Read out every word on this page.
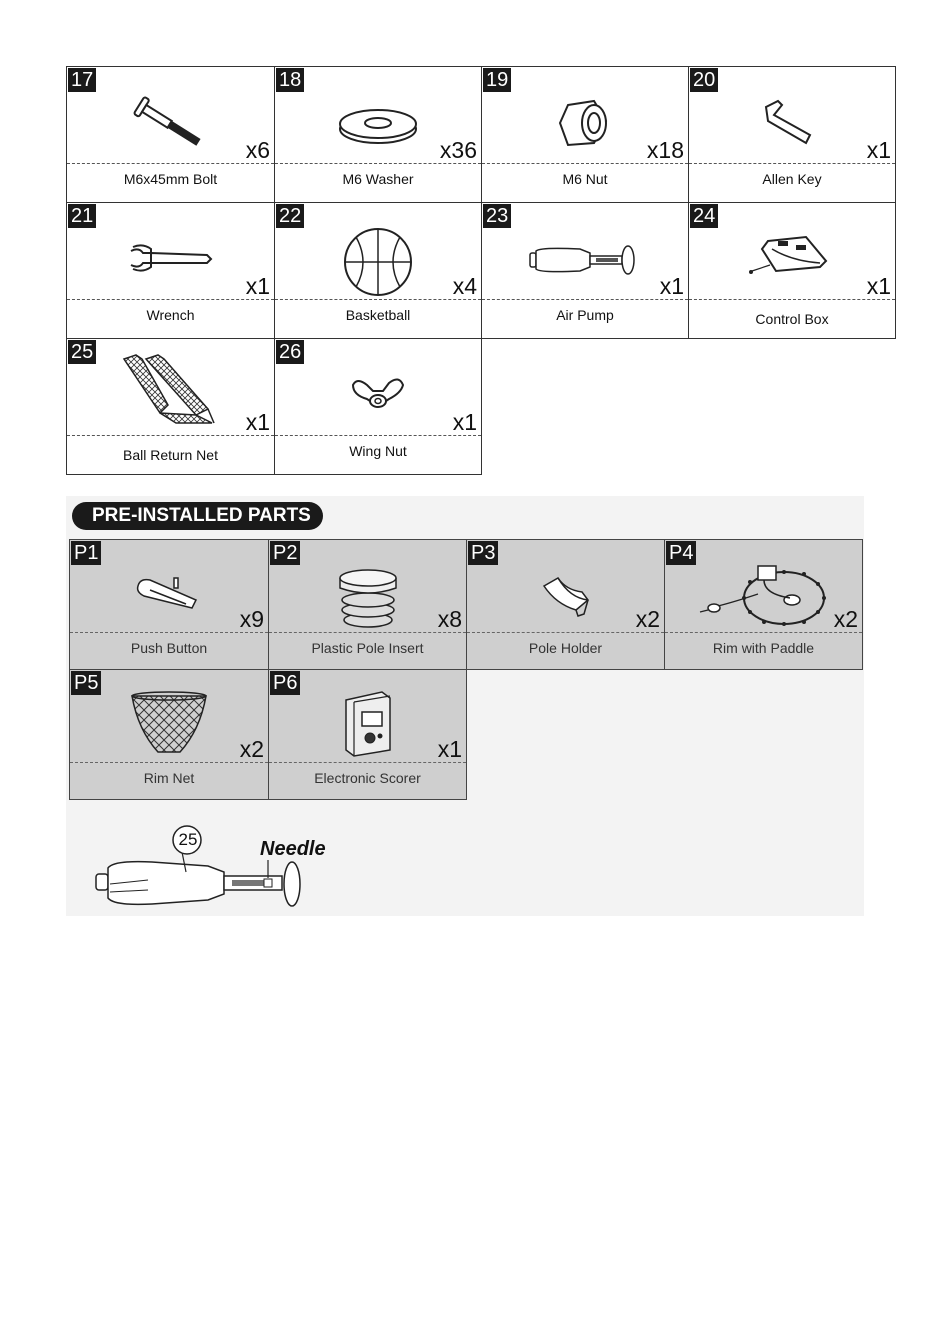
17
x6
M6x45mm Bolt
18
x36
M6 Washer
19
x18
M6 Nut
20
x1
Allen Key
21
x1
Wrench
22
x4
Basketball
23
x1
Air Pump
24
x1
Control Box
25
x1
Ball Return Net
26
x1
Wing Nut
PRE-INSTALLED PARTS
P1
x9
Push Button
P2
x8
Plastic Pole Insert
P3
x2
Pole Holder
P4
x2
Rim with Paddle
P5
x2
Rim Net
P6
x1
Electronic Scorer
25	Needle
